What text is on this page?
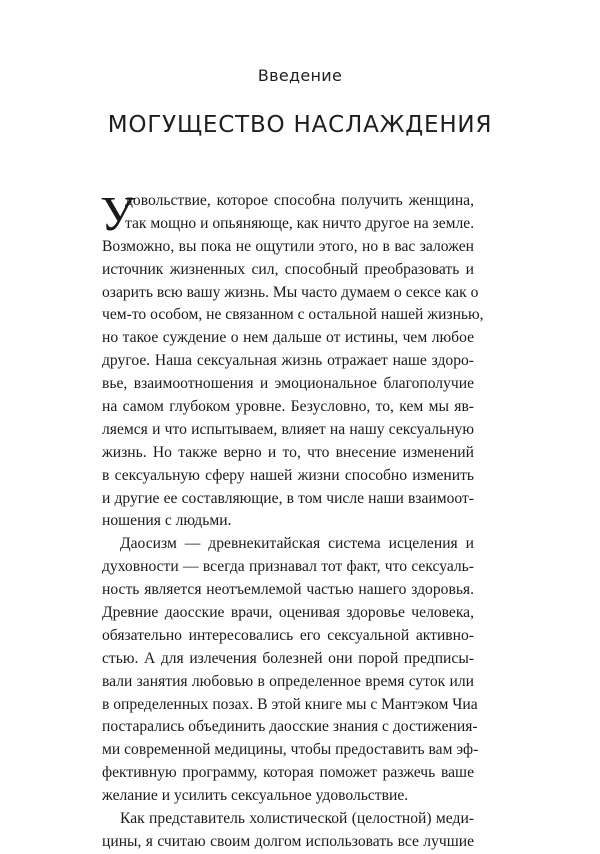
Введение
МОГУЩЕСТВО НАСЛАЖДЕНИЯ
У
довольствие, которое способна получить женщина,
так мощно и опьяняюще, как ничто другое на земле.
Возможно, вы пока не ощутили этого, но в вас заложен
источник жизненных сил, способный преобразовать и
озарить всю вашу жизнь. Мы часто думаем о сексе как о
чем-то особом, не связанном с остальной нашей жизнью,
но такое суждение о нем дальше от истины, чем любое
другое. Наша сексуальная жизнь отражает наше здоро-
вье, взаимоотношения и эмоциональное благополучие
на самом глубоком уровне. Безусловно, то, кем мы яв-
ляемся и что испытываем, влияет на нашу сексуальную
жизнь. Но также верно и то, что внесение изменений
в сексуальную сферу нашей жизни способно изменить
и другие ее составляющие, в том числе наши взаимоот-
ношения с людьми.
Даосизм — древнекитайская система исцеления и
духовности — всегда признавал тот факт, что сексуаль-
ность является неотъемлемой частью нашего здоровья.
Древние даосские врачи, оценивая здоровье человека,
обязательно интересовались его сексуальной активно-
стью. А для излечения болезней они порой предписы-
вали занятия любовью в определенное время суток или
в определенных позах. В этой книге мы с Мантэком Чиа
постарались объединить даосские знания с достижения-
ми современной медицины, чтобы предоставить вам эф-
фективную программу, которая поможет разжечь ваше
желание и усилить сексуальное удовольствие.
Как представитель холистической (целостной) меди-
цины, я считаю своим долгом использовать все лучшие
